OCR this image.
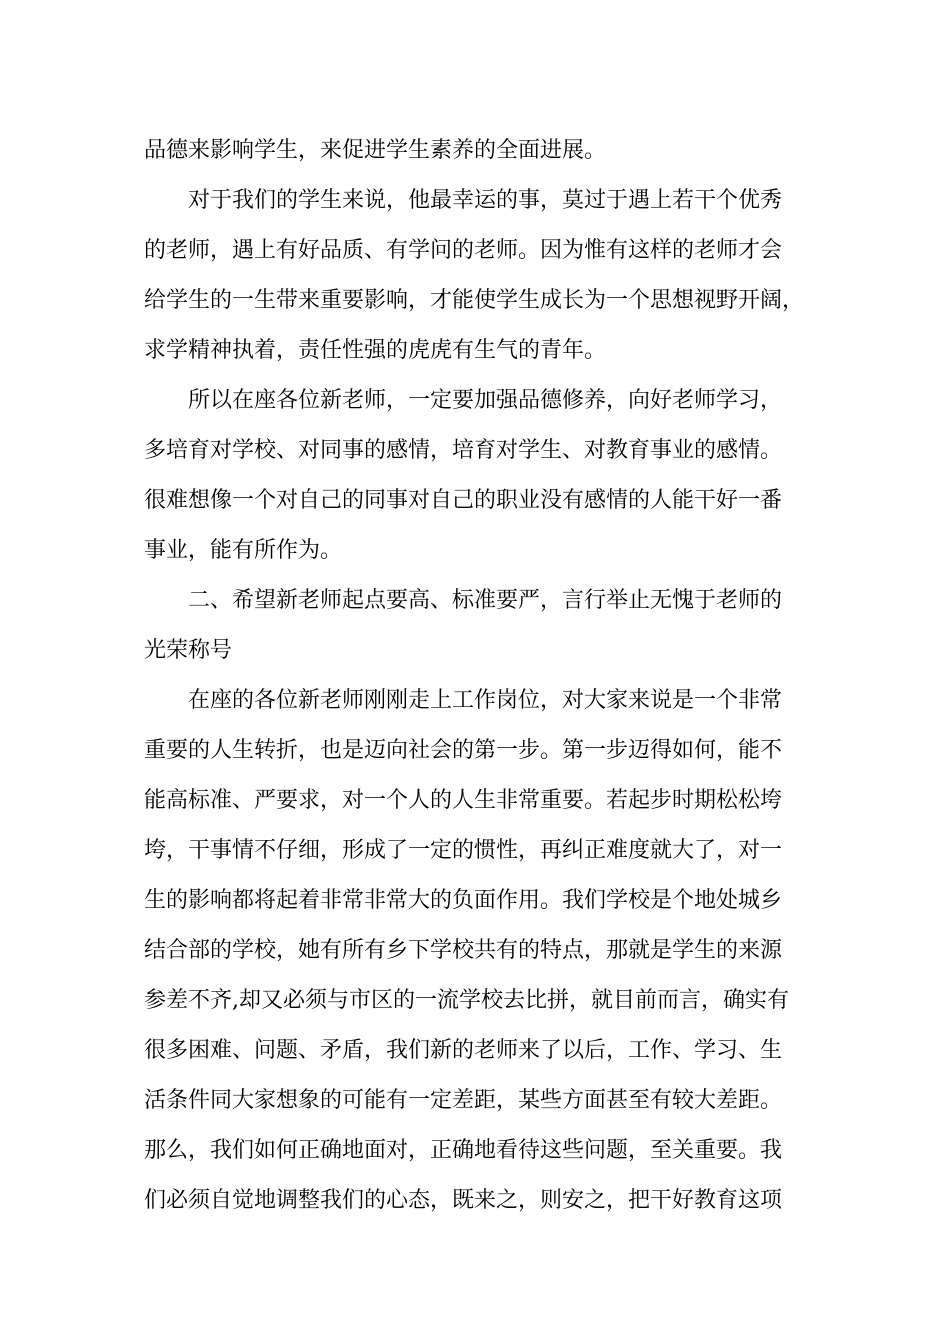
品德来影响学生，来促进学生素养的全面进展。
对于我们的学生来说，他最幸运的事，莫过于遇上若干个优秀
的老师，遇上有好品质、有学问的老师。因为惟有这样的老师才会
给学生的一生带来重要影响，才能使学生成长为一个思想视野开阔，
求学精神执着，责任性强的虎虎有生气的青年。
所以在座各位新老师，一定要加强品德修养，向好老师学习，
多培育对学校、对同事的感情，培育对学生、对教育事业的感情。
很难想像一个对自己的同事对自己的职业没有感情的人能干好一番
事业，能有所作为。
二、希望新老师起点要高、标准要严，言行举止无愧于老师的
光荣称号
在座的各位新老师刚刚走上工作岗位，对大家来说是一个非常
重要的人生转折，也是迈向社会的第一步。第一步迈得如何，能不
能高标准、严要求，对一个人的人生非常重要。若起步时期松松垮
垮，干事情不仔细，形成了一定的惯性，再纠正难度就大了，对一
生的影响都将起着非常非常大的负面作用。我们学校是个地处城乡
结合部的学校，她有所有乡下学校共有的特点，那就是学生的来源
参差不齐,却又必须与市区的一流学校去比拼，就目前而言，确实有
很多困难、问题、矛盾，我们新的老师来了以后，工作、学习、生
活条件同大家想象的可能有一定差距，某些方面甚至有较大差距。
那么，我们如何正确地面对，正确地看待这些问题，至关重要。我
们必须自觉地调整我们的心态，既来之，则安之，把干好教育这项
